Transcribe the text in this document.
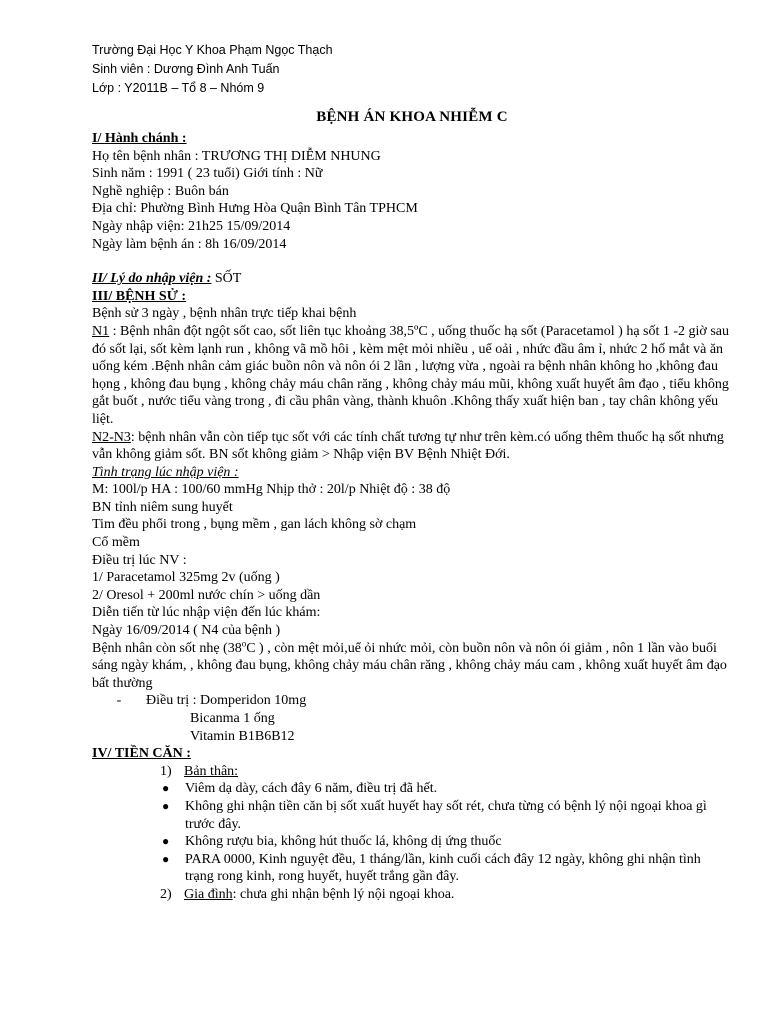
Trường Đại Học Y Khoa Phạm Ngọc Thạch
Sinh viên : Dương Đình Anh Tuấn
Lớp : Y2011B – Tổ 8 – Nhóm 9
BỆNH ÁN KHOA NHIỄM C
I/ Hành chánh :
Họ tên bệnh nhân : TRƯƠNG THỊ DIỄM NHUNG
Sinh năm : 1991 ( 23 tuổi) Giới tính : Nữ
Nghề nghiệp : Buôn bán
Địa chỉ: Phường Bình Hưng Hòa Quận Bình Tân TPHCM
Ngày nhập viện: 21h25 15/09/2014
Ngày làm bệnh án : 8h 16/09/2014
II/ Lý do nhập viện : SỐT
III/ BỆNH SỬ :
Bệnh sử 3 ngày , bệnh nhân trực tiếp khai bệnh
N1 : Bệnh nhân đột ngột sốt cao, sốt liên tục khoảng 38,5ºC , uống thuốc hạ sốt (Paracetamol ) hạ sốt 1 -2 giờ sau đó sốt lại, sốt kèm lạnh run , không vã mồ hôi , kèm mệt mỏi nhiều , uể oải , nhức đầu âm ỉ, nhức 2 hố mắt và ăn uống kém .Bệnh nhân cảm giác buồn nôn và nôn ói 2 lần , lượng vừa , ngoài ra bệnh nhân không ho ,không đau họng , không đau bụng , không chảy máu chân răng , không chảy máu mũi, không xuất huyết âm đạo , tiểu không gắt buốt , nước tiểu vàng trong , đi cầu phân vàng, thành khuôn .Không thấy xuất hiện ban , tay chân không yếu liệt.
N2-N3: bệnh nhân vẫn còn tiếp tục sốt với các tính chất tương tự như trên kèm.có uống thêm thuốc hạ sốt nhưng vẫn không giảm sốt. BN sốt không giảm > Nhập viện BV Bệnh Nhiệt Đới.
Tình trạng lúc nhập viện :
M: 100l/p HA : 100/60 mmHg Nhịp thở : 20l/p Nhiệt độ : 38 độ
BN tỉnh niêm sung huyết
Tim đều phổi trong , bụng mềm , gan lách không sờ chạm
Cổ mềm
Điều trị lúc NV :
1/ Paracetamol 325mg 2v (uống )
2/ Oresol + 200ml nước chín > uống dần
Diễn tiến từ lúc nhập viện đến lúc khám:
Ngày 16/09/2014 ( N4 của bệnh )
Bệnh nhân còn sốt nhẹ (38$^o$C ) , còn mệt mỏi,uể ỏi nhức mỏi, còn buồn nôn và nôn ói giảm , nôn 1 lần vào buổi sáng ngày khám, , không đau bụng, không chảy máu chân răng , không chảy máu cam , không xuất huyết âm đạo bất thường
-	Điều trị : Domperidon 10mg
Bicanma 1 ống
Vitamin B1B6B12
IV/ TIỀN CĂN :
1) Bản thân:
●	Viêm dạ dày, cách đây 6 năm, điều trị đã hết.
●	Không ghi nhận tiền căn bị sốt xuất huyết hay sốt rét, chưa từng có bệnh lý nội ngoại khoa gì trước đây.
●	Không rượu bia, không hút thuốc lá, không dị ứng thuốc
●	PARA 0000, Kinh nguyệt đều, 1 tháng/lần, kinh cuối cách đây 12 ngày, không ghi nhận tình trạng rong kinh, rong huyết, huyết trắng gần đây.
2) Gia đình: chưa ghi nhận bệnh lý nội ngoại khoa.
